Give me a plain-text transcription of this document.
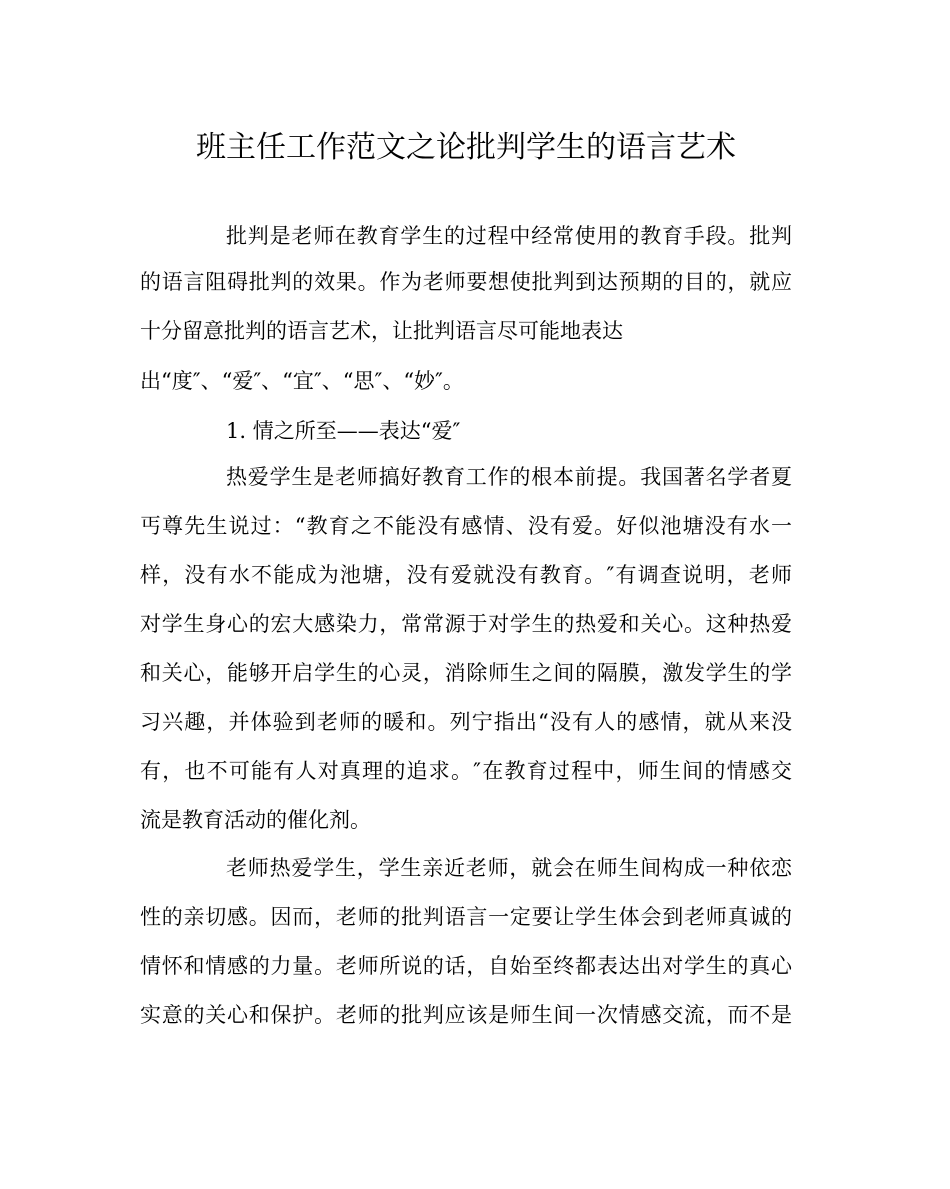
班主任工作范文之论批判学生的语言艺术
批判是老师在教育学生的过程中经常使用的教育手段。批判
的语言阻碍批判的效果。作为老师要想使批判到达预期的目的，就应
十分留意批判的语言艺术，让批判语言尽可能地表达
出“度″、“爱″、“宜″、“思″、“妙″。
1. 情之所至——表达“爱″
热爱学生是老师搞好教育工作的根本前提。我国著名学者夏
丐尊先生说过：“教育之不能没有感情、没有爱。好似池塘没有水一
样，没有水不能成为池塘，没有爱就没有教育。″有调查说明，老师
对学生身心的宏大感染力，常常源于对学生的热爱和关心。这种热爱
和关心，能够开启学生的心灵，消除师生之间的隔膜，激发学生的学
习兴趣，并体验到老师的暖和。列宁指出“没有人的感情，就从来没
有，也不可能有人对真理的追求。″在教育过程中，师生间的情感交
流是教育活动的催化剂。
老师热爱学生，学生亲近老师，就会在师生间构成一种依恋
性的亲切感。因而，老师的批判语言一定要让学生体会到老师真诚的
情怀和情感的力量。老师所说的话，自始至终都表达出对学生的真心
实意的关心和保护。老师的批判应该是师生间一次情感交流，而不是
